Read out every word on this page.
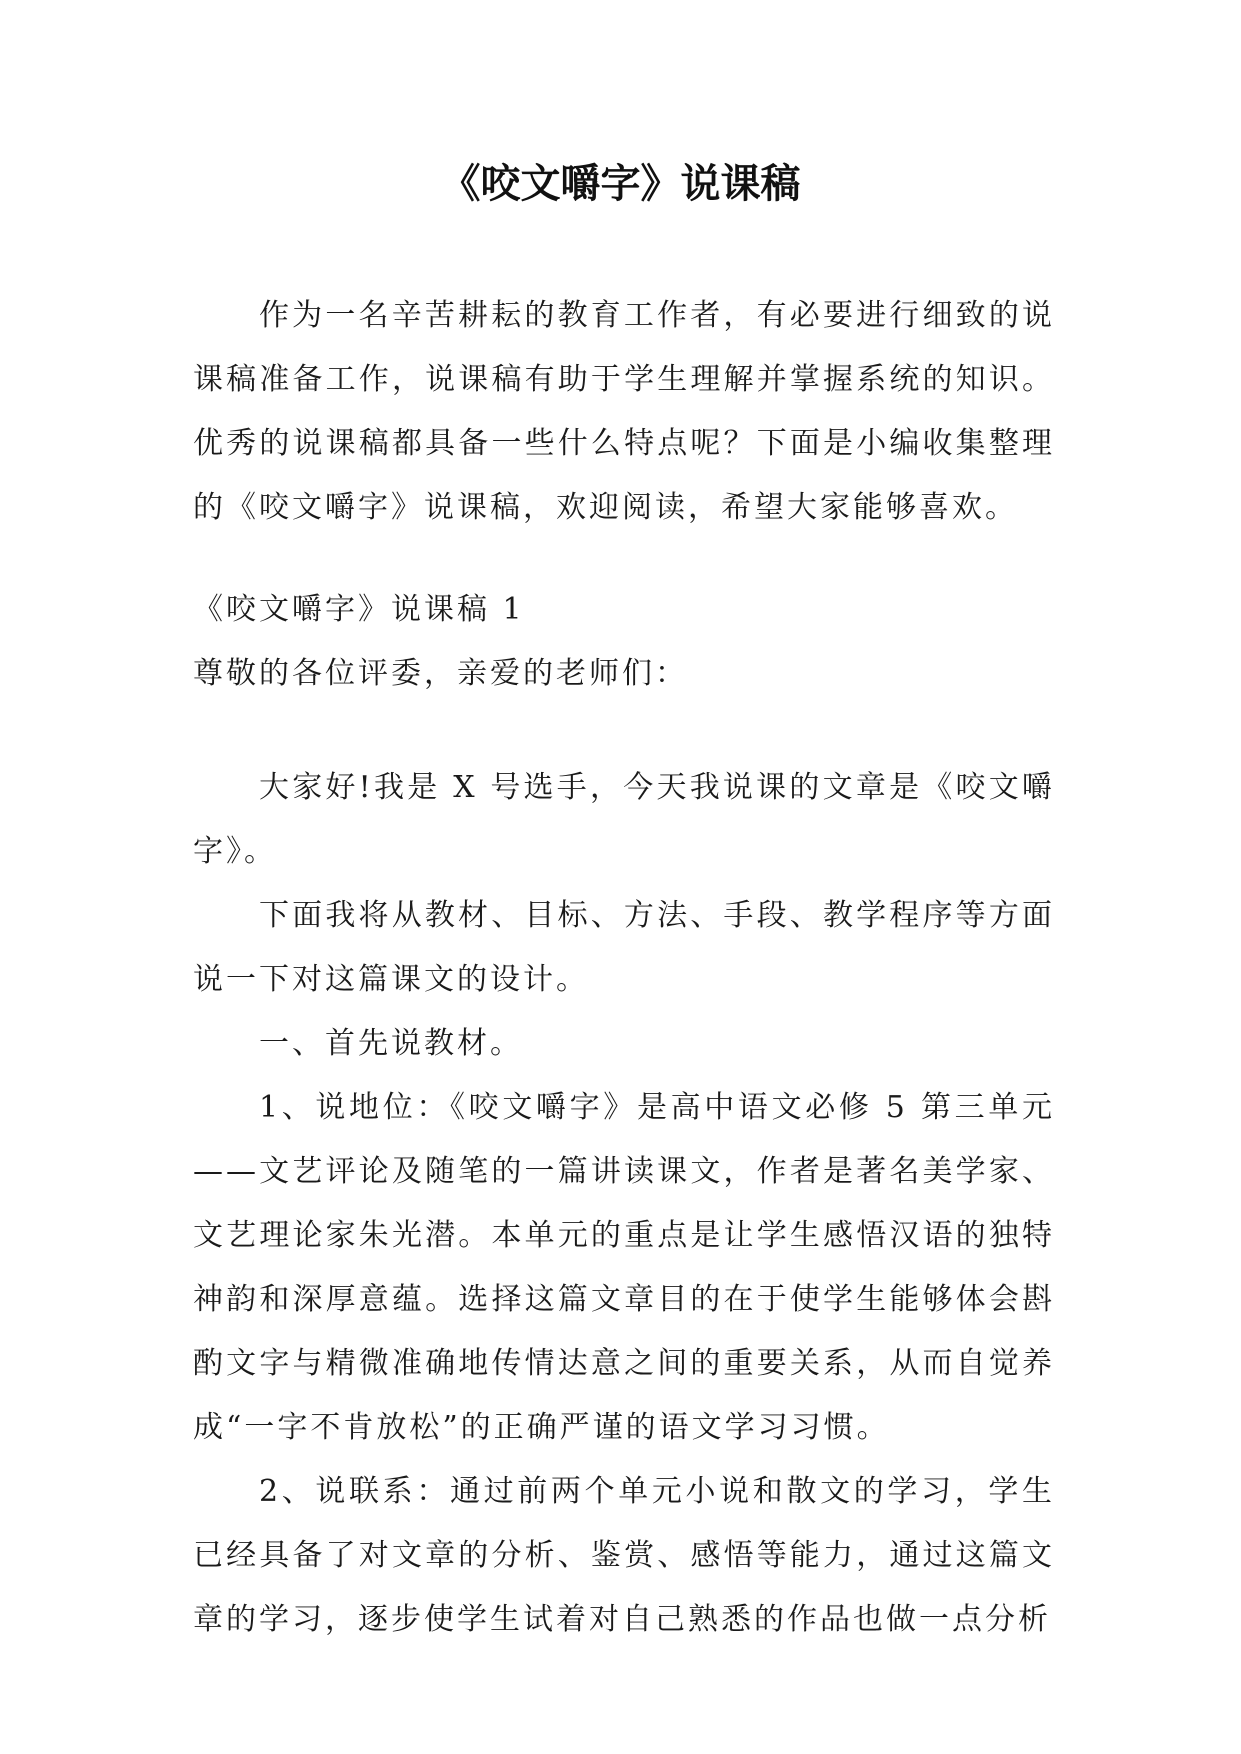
《咬文嚼字》说课稿

作为一名辛苦耕耘的教育工作者，有必要进行细致的说课稿准备工作，说课稿有助于学生理解并掌握系统的知识。优秀的说课稿都具备一些什么特点呢？下面是小编收集整理的《咬文嚼字》说课稿，欢迎阅读，希望大家能够喜欢。

《咬文嚼字》说课稿 1

尊敬的各位评委，亲爱的老师们：

大家好!我是 X 号选手，今天我说课的文章是《咬文嚼字》。

下面我将从教材、目标、方法、手段、教学程序等方面说一下对这篇课文的设计。

一、首先说教材。

1、说地位：《咬文嚼字》是高中语文必修 5 第三单元——文艺评论及随笔的一篇讲读课文，作者是著名美学家、文艺理论家朱光潜。本单元的重点是让学生感悟汉语的独特神韵和深厚意蕴。选择这篇文章目的在于使学生能够体会斟酌文字与精微准确地传情达意之间的重要关系，从而自觉养成“一字不肯放松”的正确严谨的语文学习习惯。

2、说联系：通过前两个单元小说和散文的学习，学生已经具备了对文章的分析、鉴赏、感悟等能力，通过这篇文章的学习，逐步使学生试着对自己熟悉的作品也做一点分析
